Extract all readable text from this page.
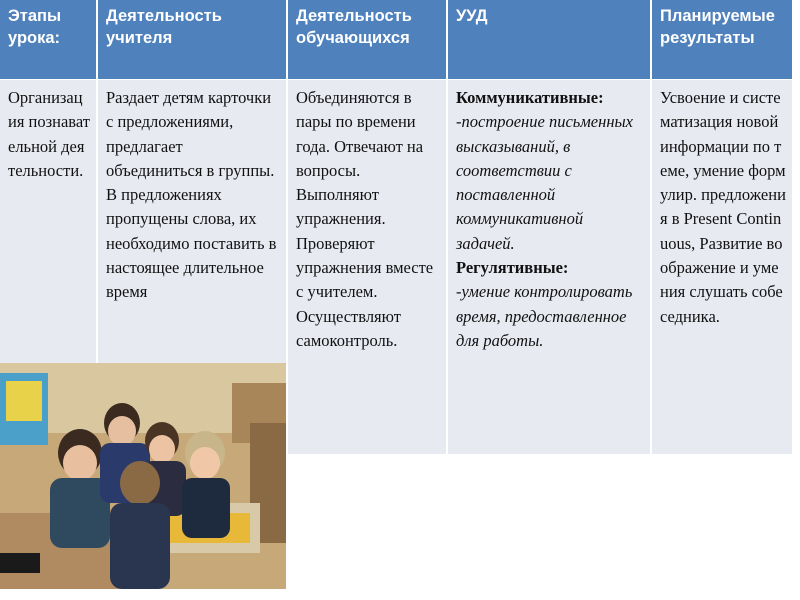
Этапы урока:
Деятельность учителя
Деятельность обучающихся
УУД	Планируемые результаты

Организация познавательной деятельности.

Раздает детям карточки с предложениями, предлагает объединиться в группы.

В предложениях пропущены слова, их необходимо поставить в настоящее длительное время

Объединяются в пары по времени года. Отвечают на вопросы. Выполняют упражнения. Проверяют упражнения вместе с учителем. Осуществляют самоконтроль.

Коммуникативные:

-построение письменных высказываний, в соответствии с поставленной коммуникативной задачей.

Регулятивные:

-умение контролировать время, предоставленное для работы.

Усвоение и систематизация новой информации по теме, умение формулир. предложения в Present Continuous, Развитие воображение и умения слушать собеседника.
